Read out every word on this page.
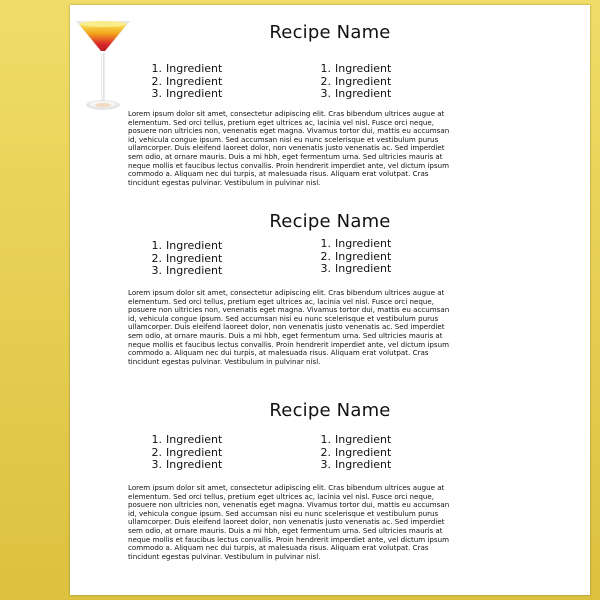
Recipe Name
1. Ingredient
2. Ingredient
3. Ingredient
1. Ingredient
2. Ingredient
3. Ingredient

Lorem ipsum dolor sit amet, consectetur adipiscing elit. Cras bibendum ultrices augue at elementum. Sed orci tellus, pretium eget ultrices ac, lacinia vel nisl. Fusce orci neque, posuere non ultricies non, venenatis eget magna. Vivamus tortor dui, mattis eu accumsan id, vehicula congue ipsum. Sed accumsan nisi eu nunc scelerisque et vestibulum purus ullamcorper. Duis eleifend laoreet dolor, non venenatis justo venenatis ac. Sed imperdiet sem odio, at ornare mauris. Duis a mi hbh, eget fermentum urna. Sed ultricies mauris at neque mollis et faucibus lectus convallis. Proin hendrerit imperdiet ante, vel dictum ipsum commodo a. Aliquam nec dui turpis, at malesuada risus. Aliquam erat volutpat. Cras tincidunt egestas pulvinar. Vestibulum in pulvinar nisl.

Recipe Name
1. Ingredient
2. Ingredient
3. Ingredient
1. Ingredient
2. Ingredient
3. Ingredient

Lorem ipsum dolor sit amet, consectetur adipiscing elit. Cras bibendum ultrices augue at elementum. Sed orci tellus, pretium eget ultrices ac, lacinia vel nisl. Fusce orci neque, posuere non ultricies non, venenatis eget magna. Vivamus tortor dui, mattis eu accumsan id, vehicula congue ipsum. Sed accumsan nisi eu nunc scelerisque et vestibulum purus ullamcorper. Duis eleifend laoreet dolor, non venenatis justo venenatis ac. Sed imperdiet sem odio, at ornare mauris. Duis a mi hbh, eget fermentum urna. Sed ultricies mauris at neque mollis et faucibus lectus convallis. Proin hendrerit imperdiet ante, vel dictum ipsum commodo a. Aliquam nec dui turpis, at malesuada risus. Aliquam erat volutpat. Cras tincidunt egestas pulvinar. Vestibulum in pulvinar nisl.

Recipe Name
1. Ingredient
2. Ingredient
3. Ingredient
1. Ingredient
2. Ingredient
3. Ingredient

Lorem ipsum dolor sit amet, consectetur adipiscing elit. Cras bibendum ultrices augue at elementum. Sed orci tellus, pretium eget ultrices ac, lacinia vel nisl. Fusce orci neque, posuere non ultricies non, venenatis eget magna. Vivamus tortor dui, mattis eu accumsan id, vehicula congue ipsum. Sed accumsan nisi eu nunc scelerisque et vestibulum purus ullamcorper. Duis eleifend laoreet dolor, non venenatis justo venenatis ac. Sed imperdiet sem odio, at ornare mauris. Duis a mi hbh, eget fermentum urna. Sed ultricies mauris at neque mollis et faucibus lectus convallis. Proin hendrerit imperdiet ante, vel dictum ipsum commodo a. Aliquam nec dui turpis, at malesuada risus. Aliquam erat volutpat. Cras tincidunt egestas pulvinar. Vestibulum in pulvinar nisl.
